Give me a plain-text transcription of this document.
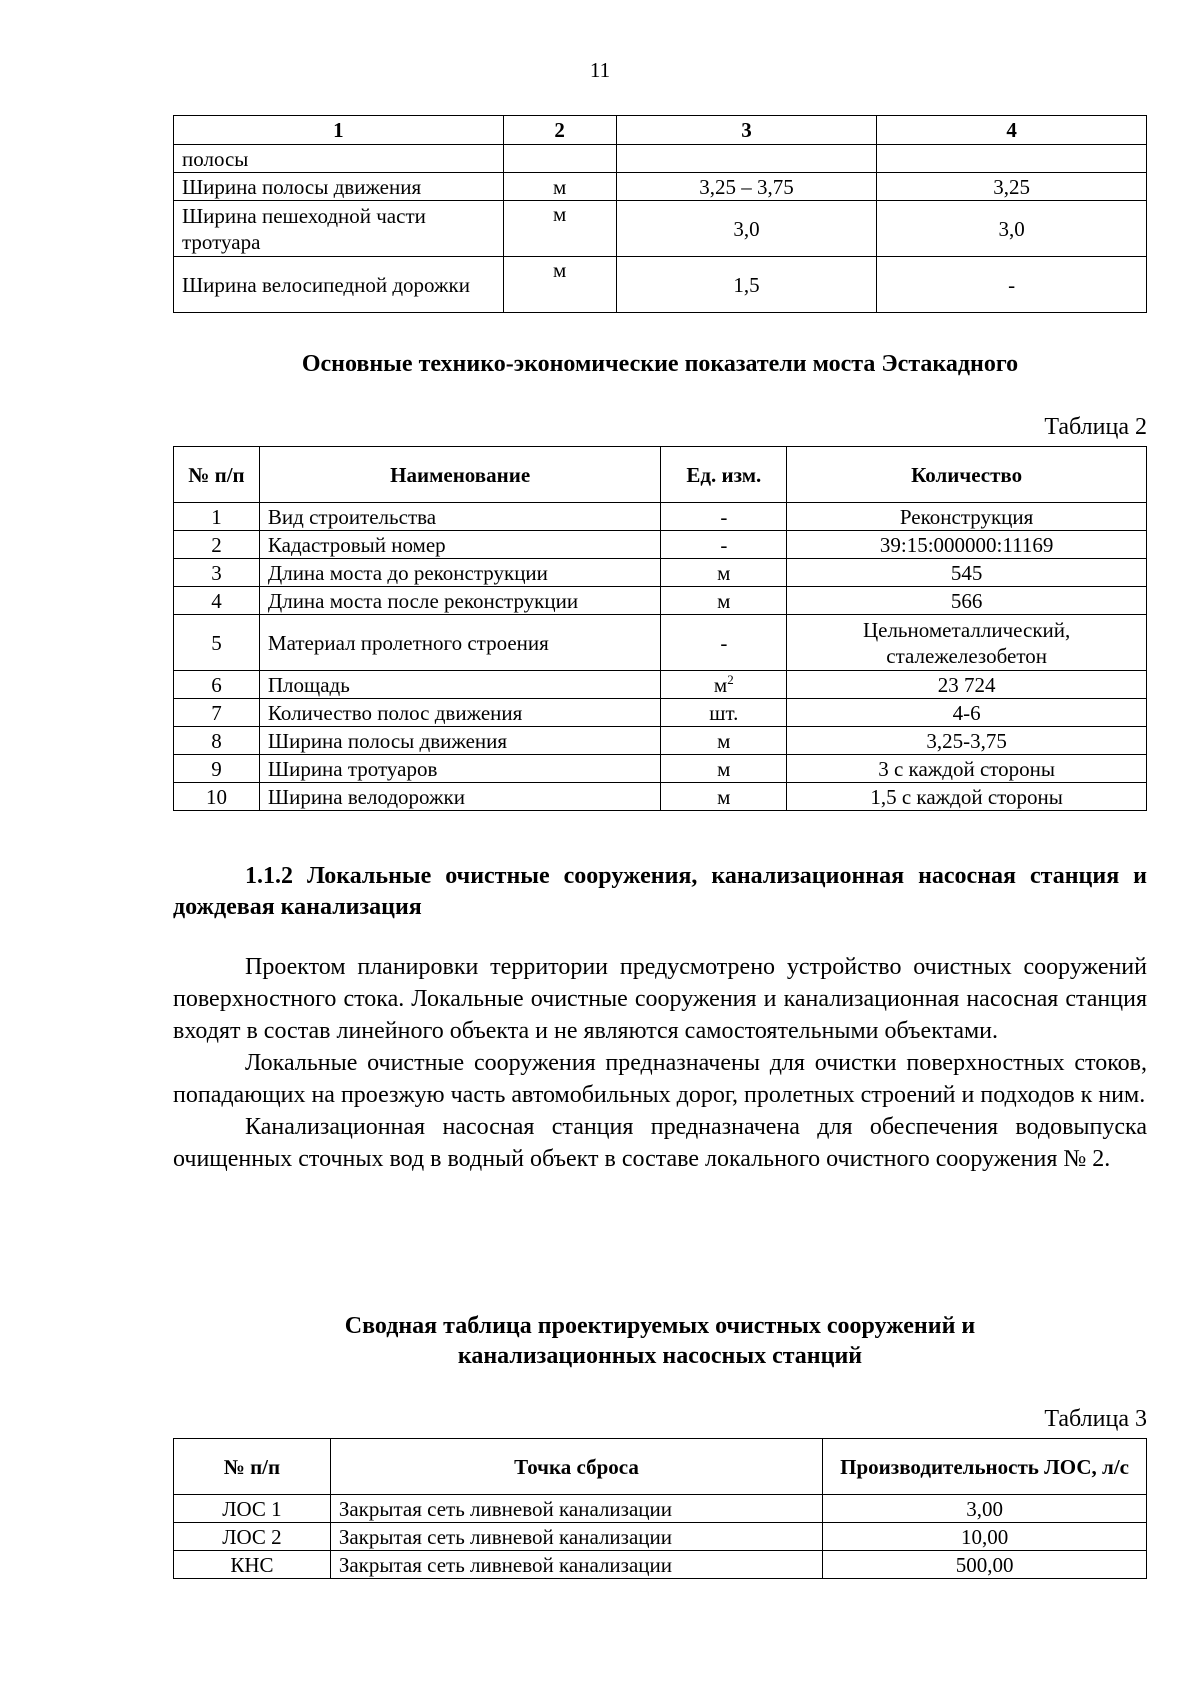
11
1	2	3	4
полосы			
Ширина полосы движения	м	3,25 – 3,75	3,25
Ширина пешеходной части тротуара	м	3,0	3,0
Ширина велосипедной дорожки	м	1,5	-
Основные технико-экономические показатели моста Эстакадного
Таблица 2
№ п/п	Наименование	Ед. изм.	Количество
1	Вид строительства	-	Реконструкция
2	Кадастровый номер	-	39:15:000000:11169
3	Длина моста до реконструкции	м	545
4	Длина моста после реконструкции	м	566
5	Материал пролетного строения	-	Цельнометаллический, сталежелезобетон
6	Площадь	$м^2$	23 724
7	Количество полос движения	шт.	4-6
8	Ширина полосы движения	м	3,25-3,75
9	Ширина тротуаров	м	3 с каждой стороны
10	Ширина велодорожки	м	1,5 с каждой стороны
1.1.2 Локальные очистные сооружения, канализационная насосная станция и дождевая канализация

Проектом планировки территории предусмотрено устройство очистных сооружений поверхностного стока. Локальные очистные сооружения и канализационная насосная станция входят в состав линейного объекта и не являются самостоятельными объектами.

Локальные очистные сооружения предназначены для очистки поверхностных стоков, попадающих на проезжую часть автомобильных дорог, пролетных строений и подходов к ним.

Канализационная насосная станция предназначена для обеспечения водовыпуска очищенных сточных вод в водный объект в составе локального очистного сооружения № 2.

Сводная таблица проектируемых очистных сооружений и
канализационных насосных станций
Таблица 3
№ п/п	Точка сброса	Производительность ЛОС, л/с
ЛОС 1	Закрытая сеть ливневой канализации	3,00
ЛОС 2	Закрытая сеть ливневой канализации	10,00
КНС	Закрытая сеть ливневой канализации	500,00
